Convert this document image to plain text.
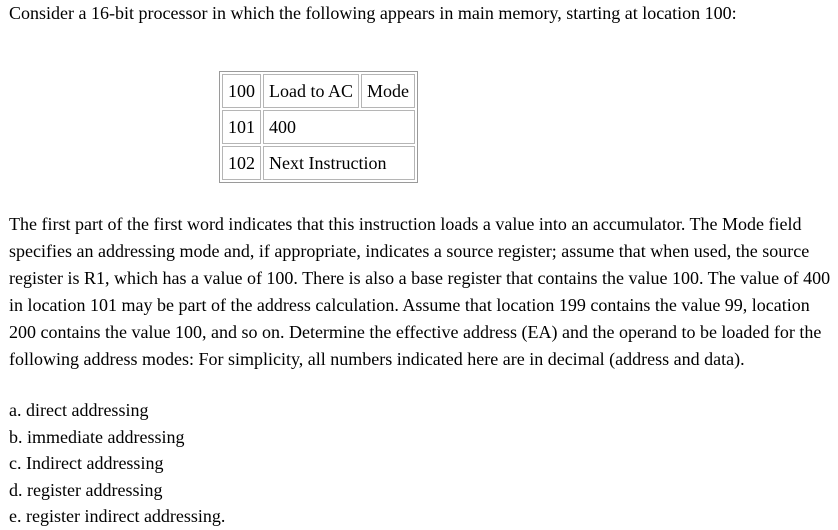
Consider a 16-bit processor in which the following appears in main memory, starting at location 100:

100	Load to AC	Mode
101	400	
102	Next Instruction	

The first part of the first word indicates that this instruction loads a value into an accumulator. The Mode field specifies an addressing mode and, if appropriate, indicates a source register; assume that when used, the source register is R1, which has a value of 100. There is also a base register that contains the value 100. The value of 400 in location 101 may be part of the address calculation. Assume that location 199 contains the value 99, location 200 contains the value 100, and so on. Determine the effective address (EA) and the operand to be loaded for the following address modes: For simplicity, all numbers indicated here are in decimal (address and data).

a. direct addressing
b. immediate addressing
c. Indirect addressing
d. register addressing
e. register indirect addressing.
